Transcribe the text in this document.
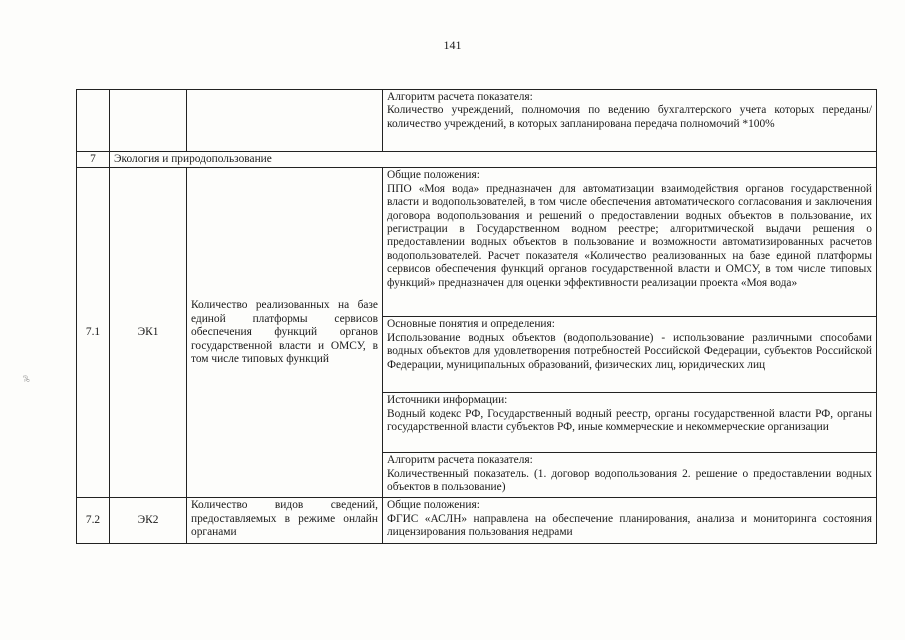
141
ᵹ∂

			Алгоритм расчета показателя:
Количество учреждений, полномочия по ведению бухгалтерского учета которых переданы/количество учреждений, в которых запланирована передача полномочий *100%

7	Экология и природопользование		
7.1	ЭК1	Количество реализованных на базе единой платформы сервисов обеспечения функций органов государственной власти и ОМСУ, в том числе типовых функций	Общие положения:
ППО «Моя вода» предназначен для автоматизации взаимодействия органов государственной власти и водопользователей, в том числе обеспечения автоматического согласования и заключения договора водопользования и решений о предоставлении водных объектов в пользование, их регистрации в Государственном водном реестре; алгоритмической выдачи решения о предоставлении водных объектов в пользование и возможности автоматизированных расчетов водопользователей. Расчет показателя «Количество реализованных на базе единой платформы сервисов обеспечения функций органов государственной власти и ОМСУ, в том числе типовых функций» предназначен для оценки эффективности реализации проекта «Моя вода»

			Основные понятия и определения:
Использование водных объектов (водопользование) - использование различными способами водных объектов для удовлетворения потребностей Российской Федерации, субъектов Российской Федерации, муниципальных образований, физических лиц, юридических лиц

			Источники информации:
Водный кодекс РФ, Государственный водный реестр, органы государственной власти РФ, органы государственной власти субъектов РФ, иные коммерческие и некоммерческие организации

			Алгоритм расчета показателя:
Количественный показатель. (1. договор водопользования 2. решение о предоставлении водных объектов в пользование)

7.2	ЭК2	Количество видов сведений, предоставляемых в режиме онлайн органами	Общие положения:
ФГИС «АСЛН» направлена на обеспечение планирования, анализа и мониторинга состояния лицензирования пользования недрами
